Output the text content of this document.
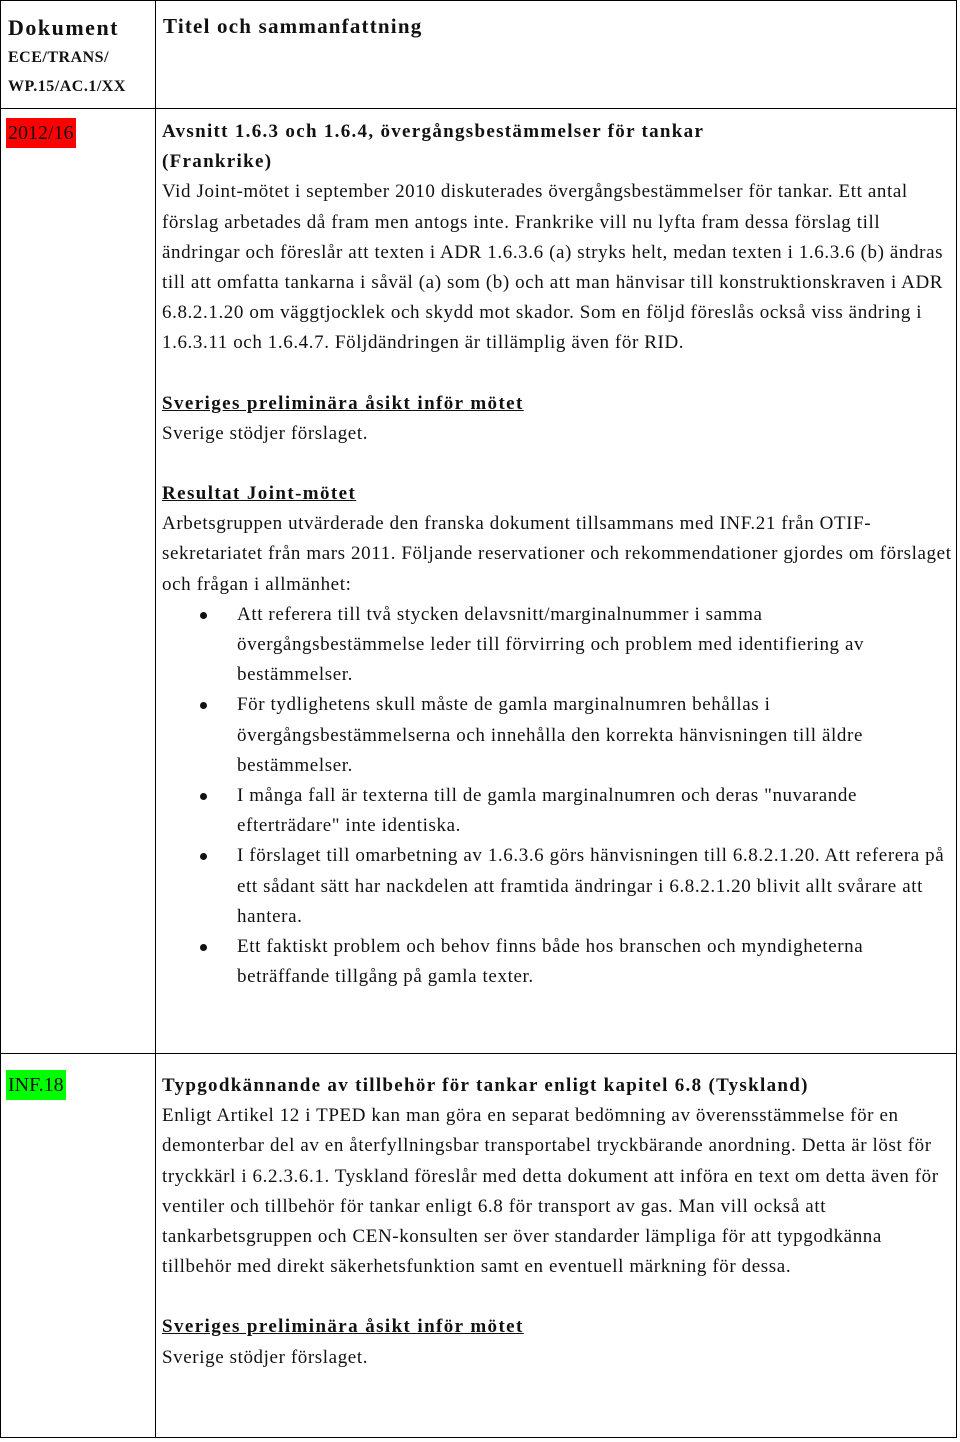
Dokument
ECE/TRANS/
WP.15/AC.1/XX
Titel och sammanfattning
2012/16	Avsnitt 1.6.3 och 1.6.4, övergångsbestämmelser för tankar

(Frankrike)

Vid Joint-mötet i september 2010 diskuterades övergångsbestämmelser för tankar. Ett antal förslag arbetades då fram men antogs inte. Frankrike vill nu lyfta fram dessa förslag till ändringar och föreslår att texten i ADR 1.6.3.6 (a) stryks helt, medan texten i 1.6.3.6 (b) ändras till att omfatta tankarna i såväl (a) som (b) och att man hänvisar till konstruktionskraven i ADR 6.8.2.1.20 om väggtjocklek och skydd mot skador. Som en följd föreslås också viss ändring i 1.6.3.11 och 1.6.4.7. Följdändringen är tillämplig även för RID.

Sveriges preliminära åsikt inför mötet

Sverige stödjer förslaget.

Resultat Joint-mötet

Arbetsgruppen utvärderade den franska dokument tillsammans med INF.21 från OTIF-sekretariatet från mars 2011. Följande reservationer och rekommendationer gjordes om förslaget och frågan i allmänhet:

Att referera till två stycken delavsnitt/marginalnummer i samma övergångsbestämmelse leder till förvirring och problem med identifiering av bestämmelser.
För tydlighetens skull måste de gamla marginalnumren behållas i övergångsbestämmelserna och innehålla den korrekta hänvisningen till äldre bestämmelser.
I många fall är texterna till de gamla marginalnumren och deras "nuvarande efterträdare" inte identiska.
I förslaget till omarbetning av 1.6.3.6 görs hänvisningen till 6.8.2.1.20. Att referera på ett sådant sätt har nackdelen att framtida ändringar i 6.8.2.1.20 blivit allt svårare att hantera.
Ett faktiskt problem och behov finns både hos branschen och myndigheterna beträffande tillgång på gamla texter.
INF.18	Typgodkännande av tillbehör för tankar enligt kapitel 6.8 (Tyskland)

Enligt Artikel 12 i TPED kan man göra en separat bedömning av överensstämmelse för en demonterbar del av en återfyllningsbar transportabel tryckbärande anordning. Detta är löst för tryckkärl i 6.2.3.6.1. Tyskland föreslår med detta dokument att införa en text om detta även för ventiler och tillbehör för tankar enligt 6.8 för transport av gas. Man vill också att tankarbetsgruppen och CEN-konsulten ser över standarder lämpliga för att typgodkänna tillbehör med direkt säkerhetsfunktion samt en eventuell märkning för dessa.

Sveriges preliminära åsikt inför mötet

Sverige stödjer förslaget.
